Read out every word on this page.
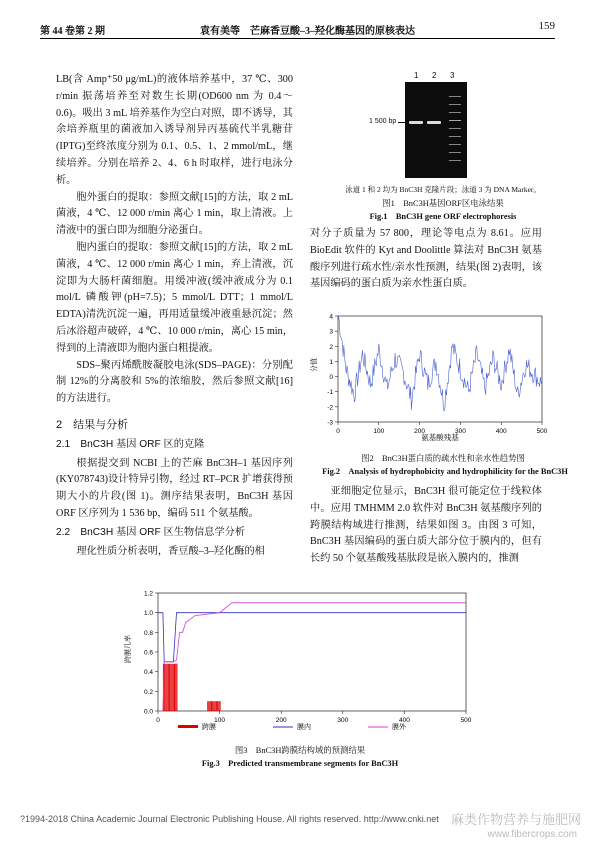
第 44 卷第 2 期	袁有美等　芒麻香豆酸–3–羟化酶基因的原核表达	159

LB(含 Amp⁺50 μg/mL)的液体培养基中，37 ℃、300 r/min 振荡培养至对数生长期(OD600 nm 为 0.4～0.6)。吸出 3 mL 培养基作为空白对照，即不诱导，其余培养瓶里的菌液加入诱导剂异丙基硫代半乳糖苷(IPTG)至终浓度分别为 0.1、0.5、1、2 mmol/mL，继续培养。分别在培养 2、4、6 h 时取样，进行电泳分析。

胞外蛋白的提取：参照文献[15]的方法，取 2 mL 菌液，4 ℃、12 000 r/min 离心 1 min，取上清液。上清液中的蛋白即为细胞分泌蛋白。

胞内蛋白的提取：参照文献[15]的方法，取 2 mL 菌液，4 ℃、12 000 r/min 离心 1 min，弃上清液，沉淀即为大肠杆菌细胞。用缓冲液(缓冲液成分为 0.1 mol/L 磷酸钾(pH=7.5)；5 mmol/L DTT；1 mmol/L EDTA)清洗沉淀一遍，再用适量缓冲液重悬沉淀；然后冰浴超声破碎，4 ℃、10 000 r/min，离心 15 min，得到的上清液即为胞内蛋白粗提液。

SDS–聚丙烯酰胺凝胶电泳(SDS–PAGE)：分别配制 12%的分离胶和 5%的浓缩胶，然后参照文献[16]的方法进行。

2　结果与分析
2.1　BnC3H 基因 ORF 区的克隆

根据提交到 NCBI 上的芒麻 BnC3H–1 基因序列(KY078743)设计特异引物，经过 RT–PCR 扩增获得预期大小的片段(图 1)。测序结果表明，BnC3H 基因 ORF 区序列为 1 536 bp，编码 511 个氨基酸。

2.2　BnC3H 基因 ORF 区生物信息学分析

理化性质分析表明，香豆酸–3–羟化酶的相

1 2 3
1 500 bp
泳道 1 和 2 均为 BnC3H 克隆片段；泳道 3 为 DNA Marker。
图1　BnC3H基因ORF区电泳结果
Fig.1　BnC3H gene ORF electrophoresis

对分子质量为 57 800，理论等电点为 8.61。应用 BioEdit 软件的 Kyt and Doolittle 算法对 BnC3H 氨基酸序列进行疏水性/亲水性预测，结果(图 2)表明，该基因编码的蛋白质为亲水性蛋白质。

-3
-2
-1
0
1
2
3
4
0	100	200	300	400	500
分值
氨基酸残基
图2　BnC3H蛋白质的疏水性和亲水性趋势图
Fig.2　Analysis of hydrophobicity and hydrophilicity for the BnC3H

亚细胞定位显示，BnC3H 很可能定位于线粒体中。应用 TMHMM 2.0 软件对 BnC3H 氨基酸序列的跨膜结构域进行推测，结果如图 3。由图 3 可知，BnC3H 基因编码的蛋白质大部分位于膜内的，但有长约 50 个氨基酸残基肽段是嵌入膜内的，推测

0.0
0.2
0.4
0.6
0.8
1.0
1.2
0	100	200	300	400	500
跨膜几率
跨膜	膜内	膜外
图3　BnC3H跨膜结构域的预测结果
Fig.3　Predicted transmembrane segments for BnC3H
?1994-2018 China Academic Journal Electronic Publishing House. All rights reserved. http://www.cnki.net 麻类作物营养与施肥网
www.fibercrops.com
